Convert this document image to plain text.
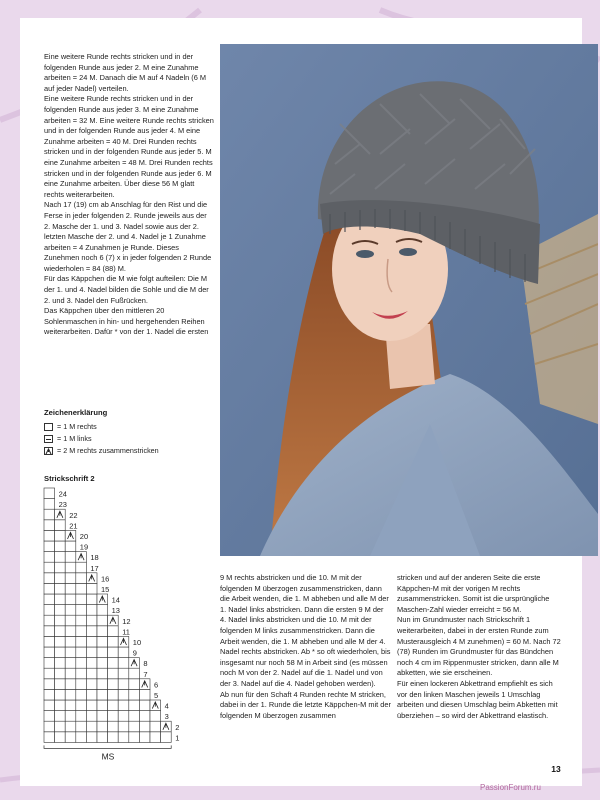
Eine weitere Runde rechts stricken und in der folgenden Runde aus jeder 2. M eine Zunahme arbeiten = 24 M. Danach die M auf 4 Nadeln (6 M auf jeder Nadel) verteilen.

Eine weitere Runde rechts stricken und in der folgenden Runde aus jeder 3. M eine Zunahme arbeiten = 32 M. Eine weitere Runde rechts stricken und in der folgenden Runde aus jeder 4. M eine Zunahme arbeiten = 40 M. Drei Runden rechts stricken und in der folgenden Runde aus jeder 5. M eine Zunahme arbeiten = 48 M. Drei Runden rechts stricken und in der folgenden Runde aus jeder 6. M eine Zunahme arbeiten. Über diese 56 M glatt rechts weiterarbeiten.

Nach 17 (19) cm ab Anschlag für den Rist und die Ferse in jeder folgenden 2. Runde jeweils aus der 2. Masche der 1. und 3. Nadel sowie aus der 2. letzten Masche der 2. und 4. Nadel je 1 Zunahme arbeiten = 4 Zunahmen je Runde. Dieses Zunehmen noch 6 (7) x in jeder folgenden 2 Runde wiederholen = 84 (88) M.

Für das Käppchen die M wie folgt aufteilen: Die M der 1. und 4. Nadel bilden die Sohle und die M der 2. und 3. Nadel den Fußrücken.

Das Käppchen über den mittleren 20 Sohlenmaschen in hin- und hergehenden Reihen weiterarbeiten. Dafür * von der 1. Nadel die ersten

Zeichenerklärung
= 1 M rechts
= 1 M links
= 2 M rechts zusammenstricken
Strickschrift 2
1
2
3
4
5
6
7
8
9
10
11
12
13
14
15
16
17
18
19
20
21
22
23
24
MS

9 M rechts abstricken und die 10. M mit der folgenden M überzogen zusammenstricken, dann die Arbeit wenden, die 1. M abheben und alle M der 1. Nadel links abstricken. Dann die ersten 9 M der 4. Nadel links abstricken und die 10. M mit der folgenden M links zusammenstricken. Dann die Arbeit wenden, die 1. M abheben und alle M der 4. Nadel rechts abstricken. Ab * so oft wiederholen, bis insgesamt nur noch 58 M in Arbeit sind (es müssen noch M von der 2. Nadel auf die 1. Nadel und von der 3. Nadel auf die 4. Nadel gehoben werden).

Ab nun für den Schaft 4 Runden rechte M stricken, dabei in der 1. Runde die letzte Käppchen-M mit der folgenden M überzogen zusammen

stricken und auf der anderen Seite die erste Käppchen-M mit der vorigen M rechts zusammenstricken. Somit ist die ursprüngliche Maschen-Zahl wieder erreicht = 56 M.

Nun im Grundmuster nach Strickschrift 1 weiterarbeiten, dabei in der ersten Runde zum Musterausgleich 4 M zunehmen) = 60 M. Nach 72 (78) Runden im Grundmuster für das Bündchen noch 4 cm im Rippenmuster stricken, dann alle M abketten, wie sie erscheinen.

Für einen lockeren Abkettrand empfiehlt es sich vor den linken Maschen jeweils 1 Umschlag arbeiten und diesen Umschlag beim Abketten mit überziehen – so wird der Abkettrand elastisch.

13
PassionForum.ru
